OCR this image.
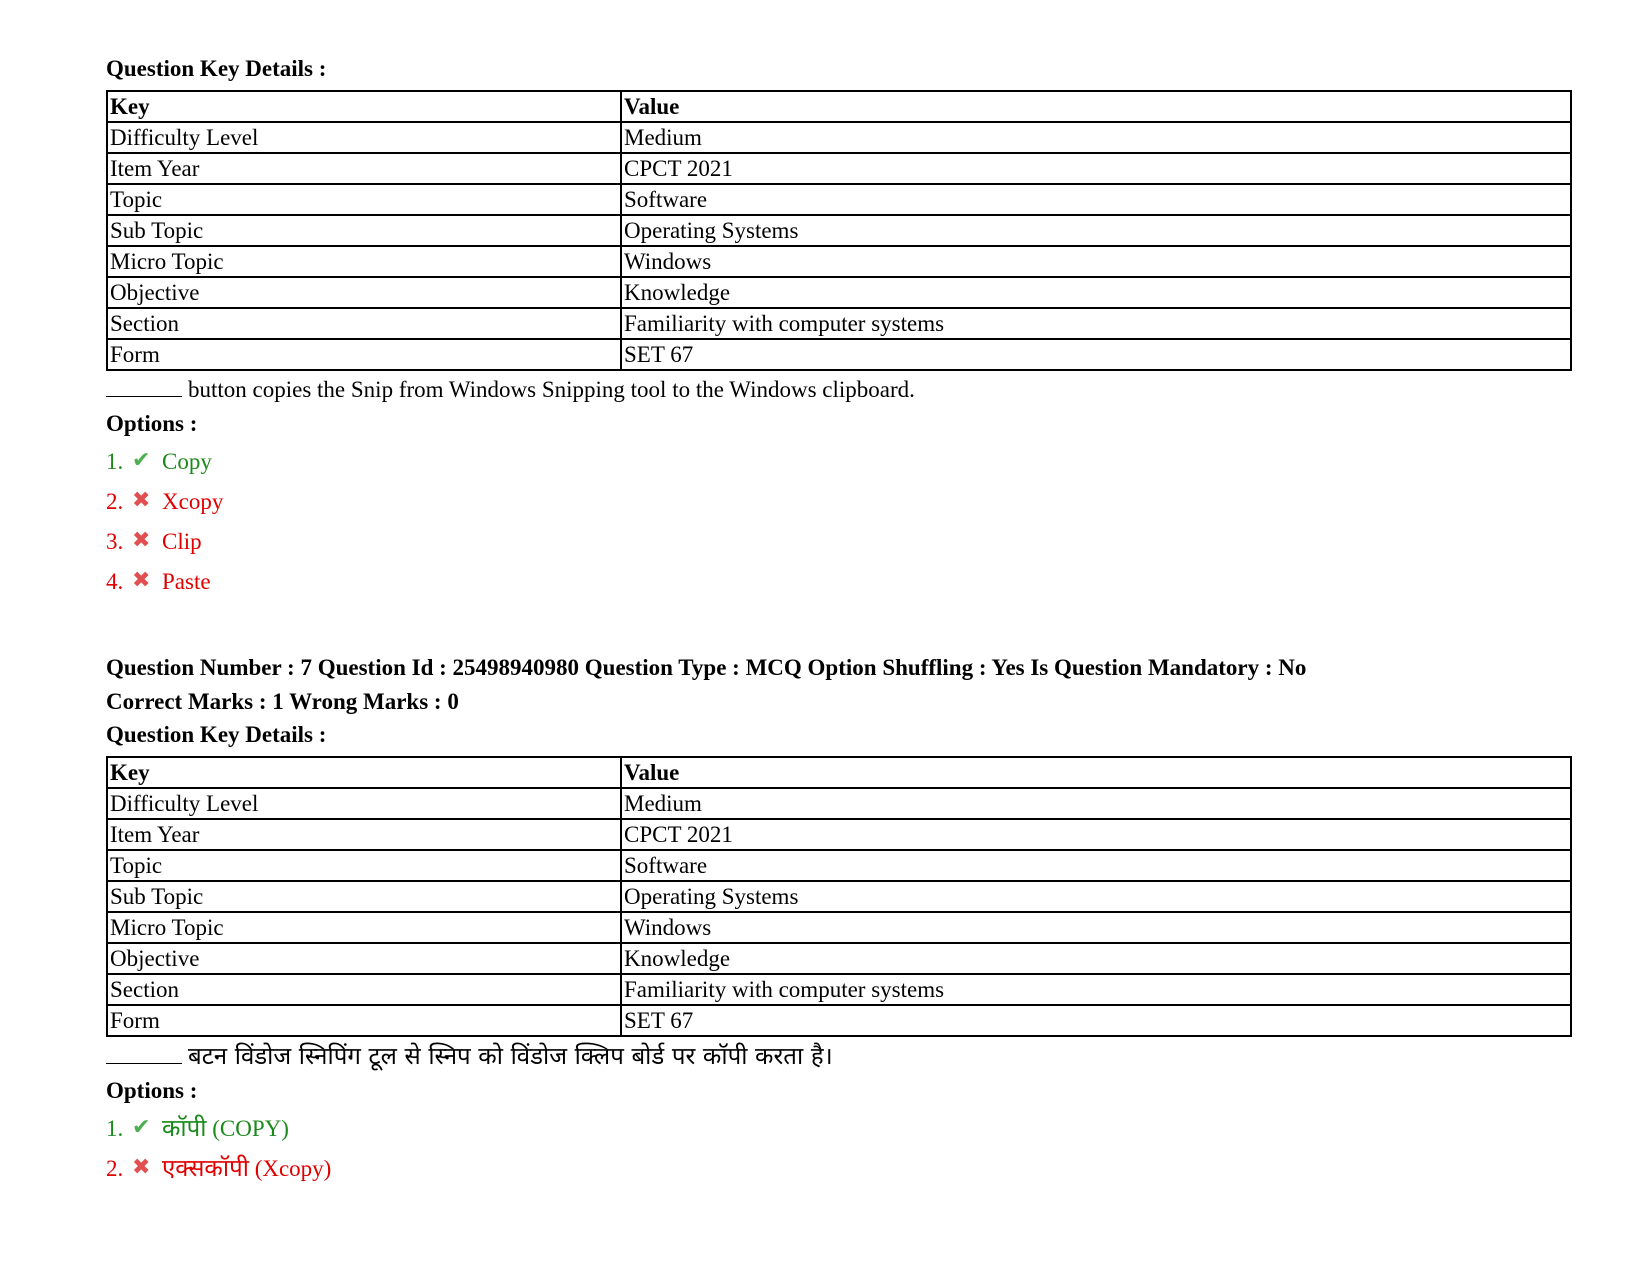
Question Key Details :
Key	Value
Difficulty Level	Medium
Item Year	CPCT 2021
Topic	Software
Sub Topic	Operating Systems
Micro Topic	Windows
Objective	Knowledge
Section	Familiarity with computer systems
Form	SET 67
button copies the Snip from Windows Snipping tool to the Windows clipboard.
Options :
1. ✔ Copy
2. ✖ Xcopy
3. ✖ Clip
4. ✖ Paste
Question Number : 7 Question Id : 25498940980 Question Type : MCQ Option Shuffling : Yes Is Question Mandatory : No
Correct Marks : 1 Wrong Marks : 0
Question Key Details :
Key	Value
Difficulty Level	Medium
Item Year	CPCT 2021
Topic	Software
Sub Topic	Operating Systems
Micro Topic	Windows
Objective	Knowledge
Section	Familiarity with computer systems
Form	SET 67
बटन विंडोज स्निपिंग टूल से स्निप को विंडोज क्लिप बोर्ड पर कॉपी करता है।
Options :
1. ✔ कॉपी (COPY)
2. ✖ एक्सकॉपी (Xcopy)
